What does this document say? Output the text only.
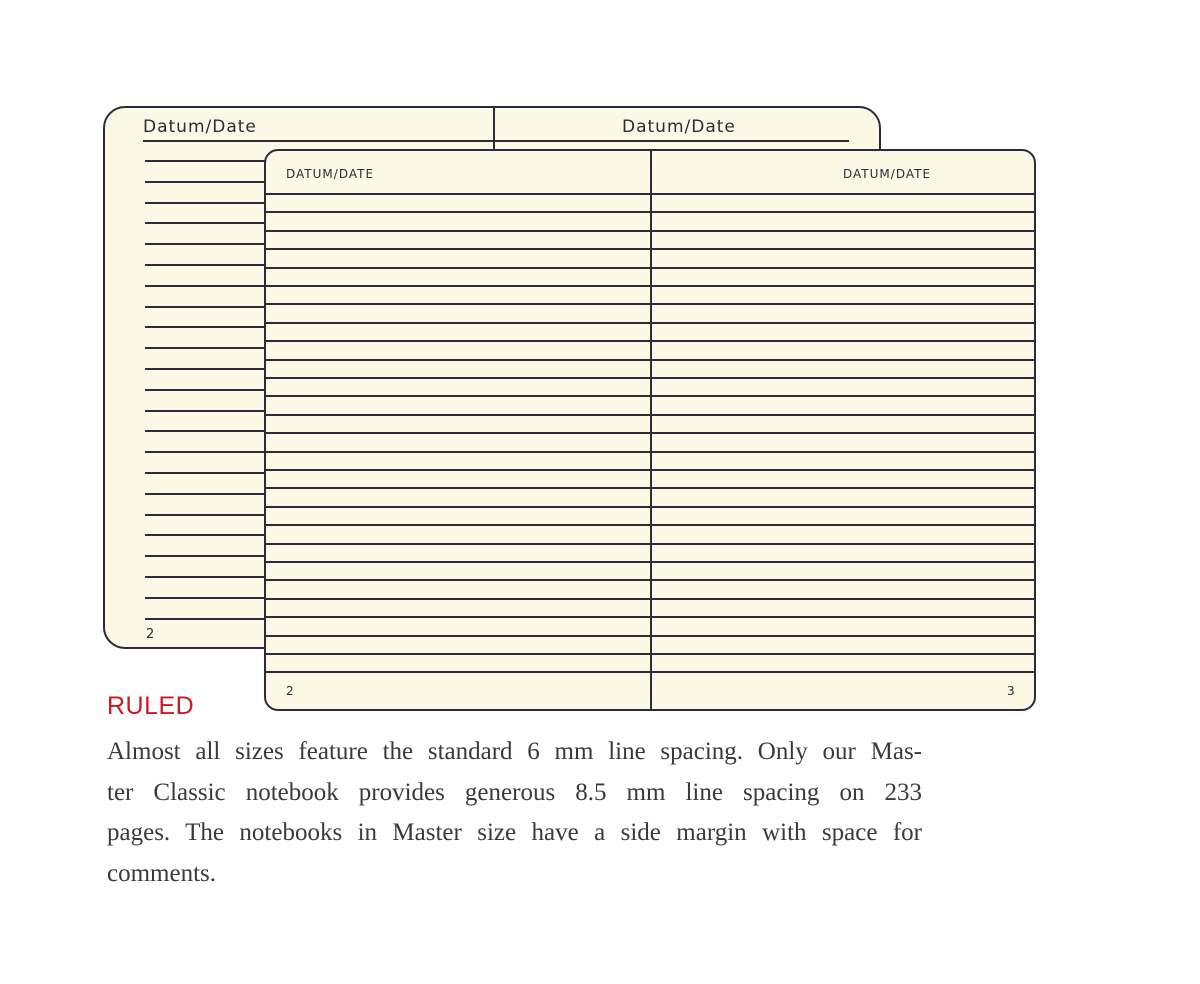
Datum/Date	Datum/Date
2
DATUM/DATE	DATUM/DATE
2	3
RULED

Almost all sizes feature the standard 6 mm line spacing. Only our Mas-
ter Classic notebook provides generous 8.5 mm line spacing on 233
pages. The notebooks in Master size have a side margin with space for
comments.
